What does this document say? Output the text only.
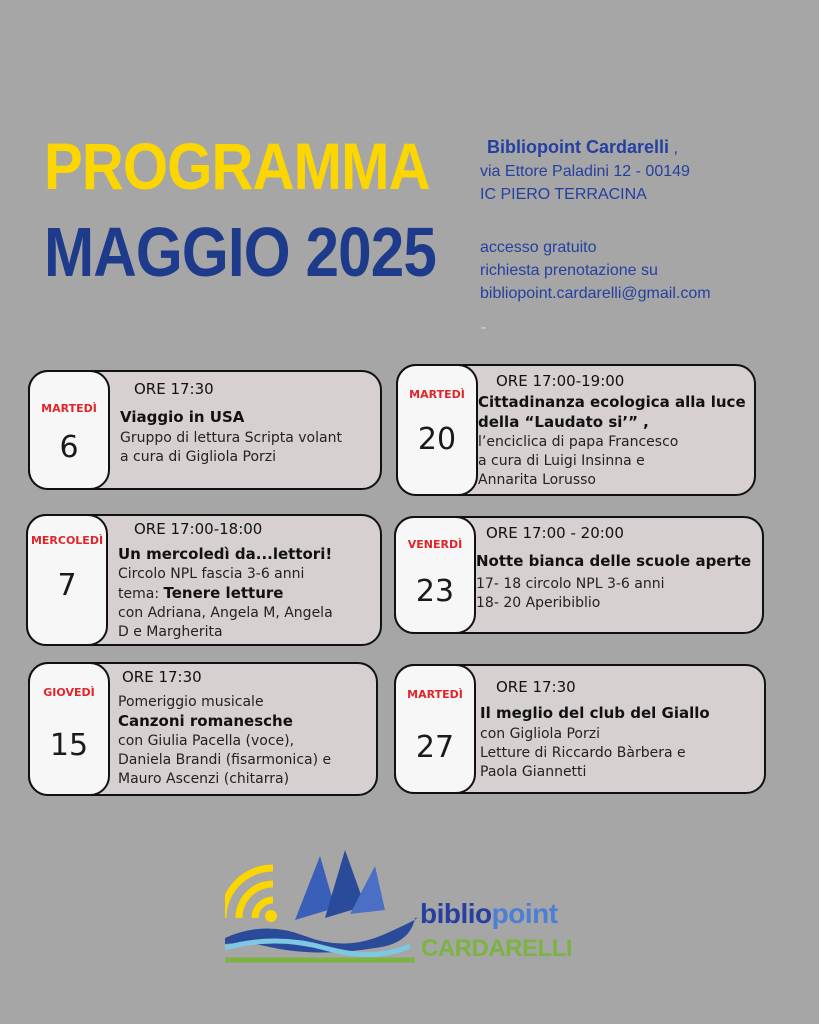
PROGRAMMA
MAGGIO 2025
Bibliopoint Cardarelli ,
via Ettore Paladini 12 - 00149
IC PIERO TERRACINA
accesso gratuito
richiesta prenotazione su
bibliopoint.cardarelli@gmail.com
-
MARTEDÌ
6
ORE 17:30
Viaggio in USA
Gruppo di lettura Scripta volant
a cura di Gigliola Porzi
MARTEDÌ
20
ORE 17:00-19:00
Cittadinanza ecologica alla luce
della “Laudato si’” ,
l’enciclica di papa Francesco
a cura di Luigi Insinna e
Annarita Lorusso
MERCOLEDÌ
7
ORE 17:00-18:00
Un mercoledì da...lettori!
Circolo NPL fascia 3-6 anni
tema: Tenere letture
con Adriana, Angela M, Angela
D e Margherita
VENERDÌ
23
ORE 17:00 - 20:00
Notte bianca delle scuole aperte
17- 18 circolo NPL 3-6 anni
18- 20 Aperibiblio
GIOVEDÌ
15
ORE 17:30
Pomeriggio musicale
Canzoni romanesche
con Giulia Pacella (voce),
Daniela Brandi (fisarmonica) e
Mauro Ascenzi (chitarra)
MARTEDÌ
27
ORE 17:30
Il meglio del club del Giallo
con Gigliola Porzi
Letture di Riccardo Bàrbera e
Paola Giannetti
bibliopoint
CARDARELLI
